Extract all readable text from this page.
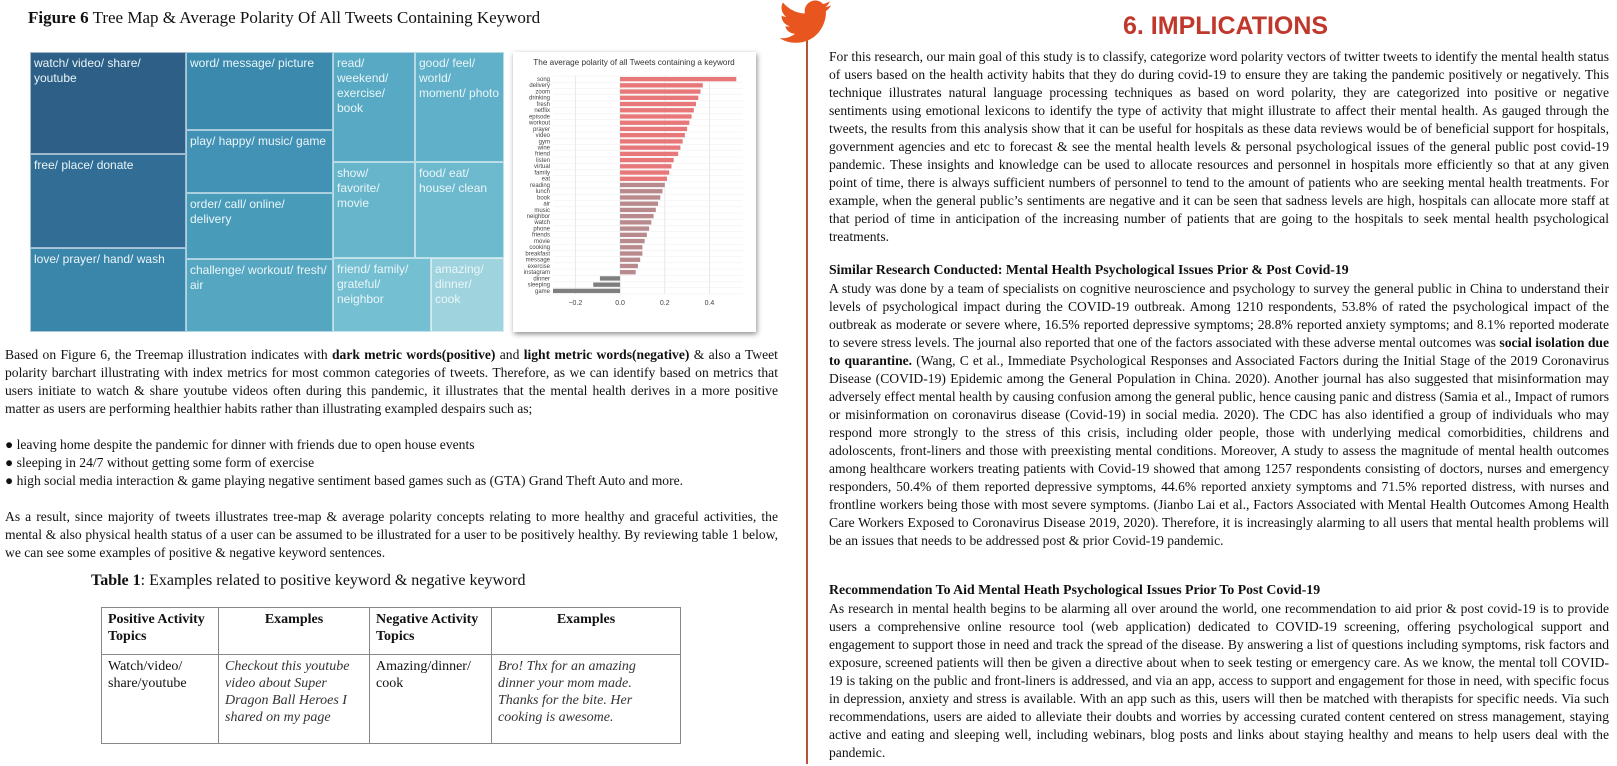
Figure 6 Tree Map & Average Polarity Of All Tweets Containing Keyword
watch/ video/ share/ youtube
free/ place/ donate
love/ prayer/ hand/ wash
word/ message/ picture
play/ happy/ music/ game
order/ call/ online/ delivery
challenge/ workout/ fresh/ air
read/ weekend/ exercise/ book
good/ feel/ world/ moment/ photo
show/ favorite/ movie
food/ eat/ house/ clean
friend/ family/ grateful/ neighbor
amazing/ dinner/ cook
The average polarity of all Tweets containing a keyword
song
delivery
zoom
drinking
fresh
netflix
episode
workout
prayer
video
gym
wine
friend
listen
virtual
family
eat
reading
lunch
book
air
music
neighbor
watch
phone
friends
movie
cooking
breakfast
message
exercise
instagram
dinner
sleeping
game
−0.2	0.0	0.2	0.4
Based on Figure 6, the Treemap illustration indicates with dark metric words(positive) and light metric words(negative) & also a Tweet polarity barchart illustrating with index metrics for most common categories of tweets. Therefore, as we can identify based on metrics that users initiate to watch & share youtube videos often during this pandemic, it illustrates that the mental health derives in a more positive matter as users are performing healthier habits rather than illustrating exampled despairs such as;
● leaving home despite the pandemic for dinner with friends due to open house events
● sleeping in 24/7 without getting some form of exercise
● high social media interaction & game playing negative sentiment based games such as (GTA) Grand Theft Auto and more.
As a result, since majority of tweets illustrates tree-map & average polarity concepts relating to more healthy and graceful activities, the mental & also physical health status of a user can be assumed to be illustrated for a user to be positively healthy. By reviewing table 1 below, we can see some examples of positive & negative keyword sentences.
Table 1: Examples related to positive keyword & negative keyword
Positive Activity Topics	Examples	Negative Activity Topics	Examples
Watch/video/ share/youtube	Checkout this youtube video about Super Dragon Ball Heroes I shared on my page	Amazing/dinner/ cook	Bro! Thx for an amazing dinner your mom made. Thanks for the bite. Her cooking is awesome.
6. IMPLICATIONS
For this research, our main goal of this study is to classify, categorize word polarity vectors of twitter tweets to identify the mental health status of users based on the health activity habits that they do during covid-19 to ensure they are taking the pandemic positively or negatively. This technique illustrates natural language processing techniques as based on word polarity, they are categorized into positive or negative sentiments using emotional lexicons to identify the type of activity that might illustrate to affect their mental health. As gauged through the tweets, the results from this analysis show that it can be useful for hospitals as these data reviews would be of beneficial support for hospitals, government agencies and etc to forecast & see the mental health levels & personal psychological issues of the general public post covid-19 pandemic. These insights and knowledge can be used to allocate resources and personnel in hospitals more efficiently so that at any given point of time, there is always sufficient numbers of personnel to tend to the amount of patients who are seeking mental health treatments. For example, when the general public’s sentiments are negative and it can be seen that sadness levels are high, hospitals can allocate more staff at that period of time in anticipation of the increasing number of patients that are going to the hospitals to seek mental health psychological treatments.
Similar Research Conducted: Mental Health Psychological Issues Prior & Post Covid-19
A study was done by a team of specialists on cognitive neuroscience and psychology to survey the general public in China to understand their levels of psychological impact during the COVID-19 outbreak. Among 1210 respondents, 53.8% of rated the psychological impact of the outbreak as moderate or severe where, 16.5% reported depressive symptoms; 28.8% reported anxiety symptoms; and 8.1% reported moderate to severe stress levels. The journal also reported that one of the factors associated with these adverse mental outcomes was social isolation due to quarantine. (Wang, C et al., Immediate Psychological Responses and Associated Factors during the Initial Stage of the 2019 Coronavirus Disease (COVID-19) Epidemic among the General Population in China. 2020). Another journal has also suggested that misinformation may adversely effect mental health by causing confusion among the general public, hence causing panic and distress (Samia et al., Impact of rumors or misinformation on coronavirus disease (Covid-19) in social media. 2020). The CDC has also identified a group of individuals who may respond more strongly to the stress of this crisis, including older people, those with underlying medical comorbidities, childrens and adoloscents, front-liners and those with preexisting mental conditions. Moreover, A study to assess the magnitude of mental health outcomes among healthcare workers treating patients with Covid-19 showed that among 1257 respondents consisting of doctors, nurses and emergency responders, 50.4% of them reported depressive symptoms, 44.6% reported anxiety symptoms and 71.5% reported distress, with nurses and frontline workers being those with most severe symptoms. (Jianbo Lai et al., Factors Associated with Mental Health Outcomes Among Health Care Workers Exposed to Coronavirus Disease 2019, 2020). Therefore, it is increasingly alarming to all users that mental health problems will be an issues that needs to be addressed post & prior Covid-19 pandemic.
Recommendation To Aid Mental Heath Psychological Issues Prior To Post Covid-19
As research in mental health begins to be alarming all over around the world, one recommendation to aid prior & post covid-19 is to provide users a comprehensive online resource tool (web application) dedicated to COVID-19 screening, offering psychological support and engagement to support those in need and track the spread of the disease. By answering a list of questions including symptoms, risk factors and exposure, screened patients will then be given a directive about when to seek testing or emergency care. As we know, the mental toll COVID-19 is taking on the public and front-liners is addressed, and via an app, access to support and engagement for those in need, with specific focus in depression, anxiety and stress is available. With an app such as this, users will then be matched with therapists for specific needs. Via such recommendations, users are aided to alleviate their doubts and worries by accessing curated content centered on stress management, staying active and eating and sleeping well, including webinars, blog posts and links about staying healthy and means to help users deal with the pandemic.
